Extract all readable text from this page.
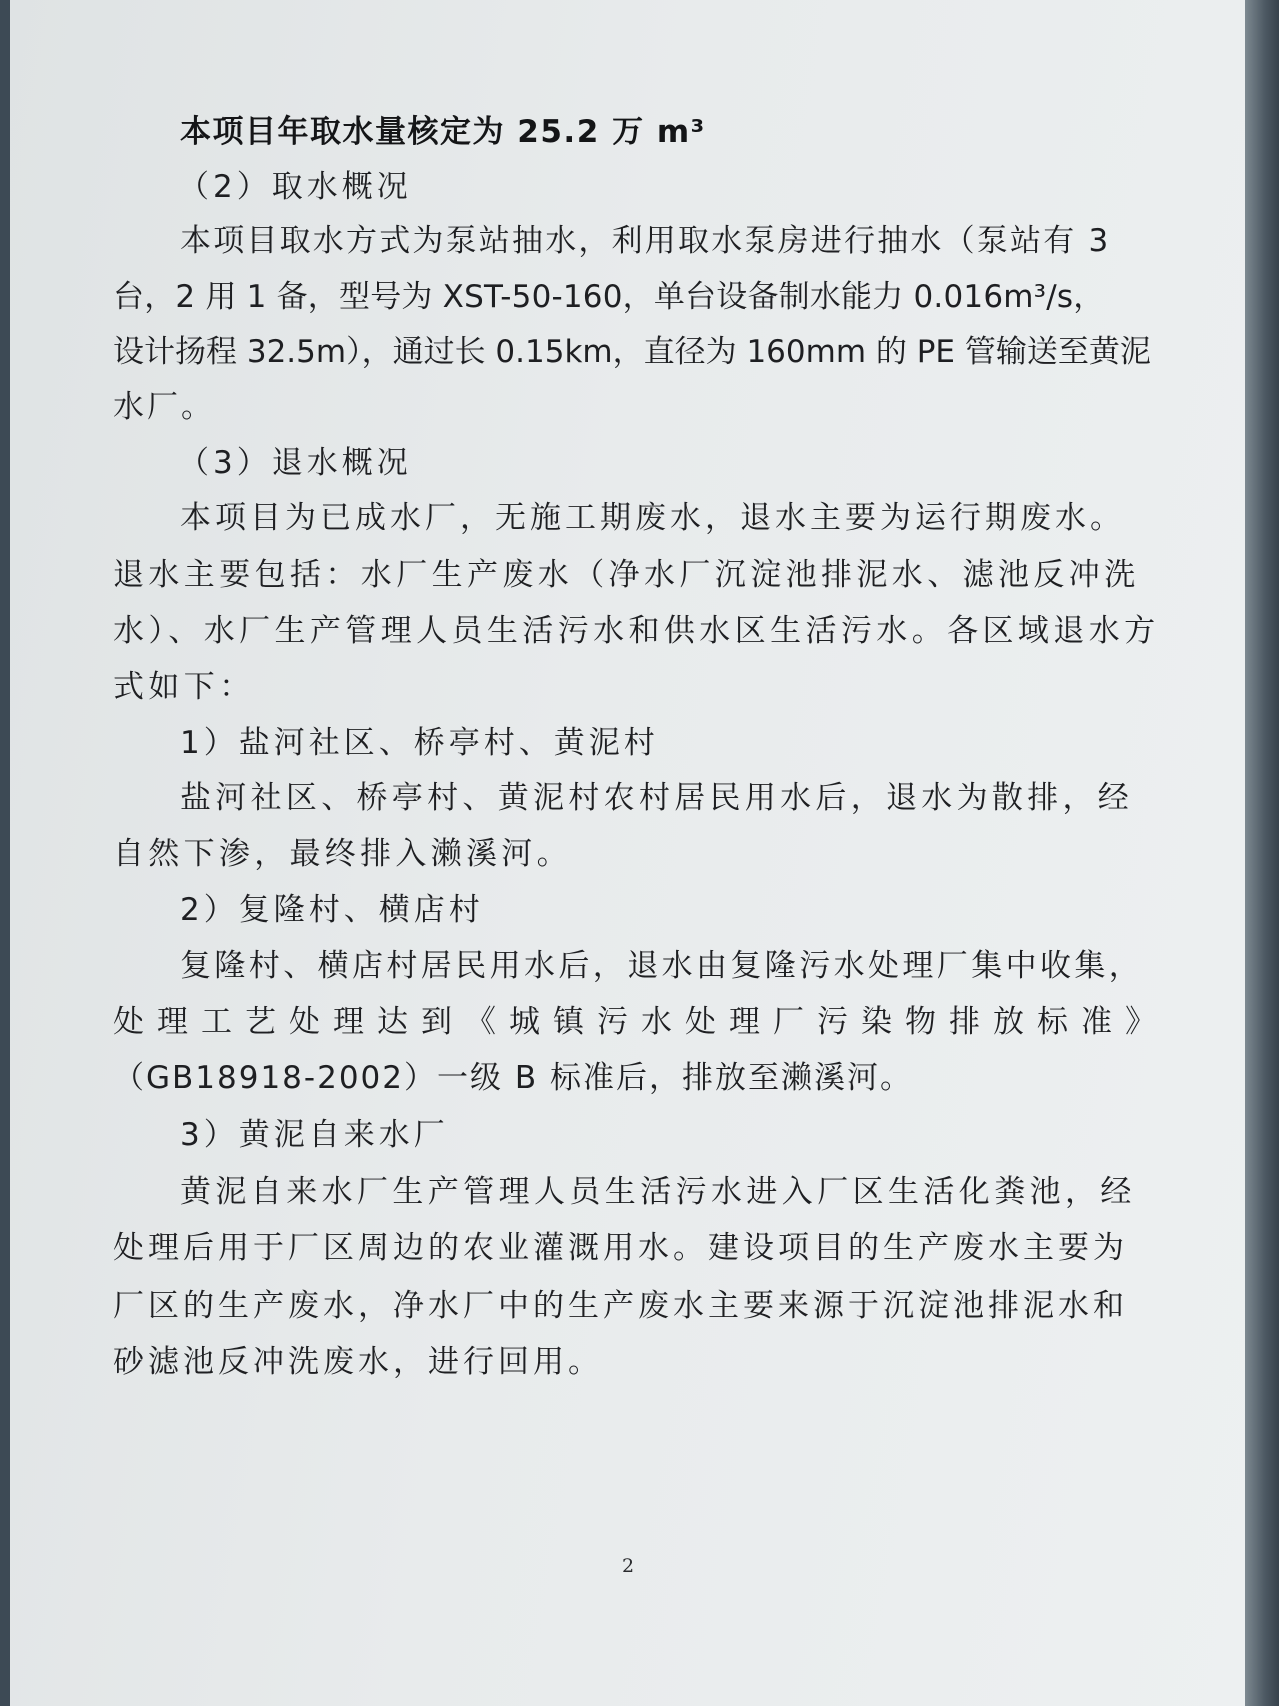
本项目年取水量核定为 25.2 万 m³

（2）取水概况

本项目取水方式为泵站抽水，利用取水泵房进行抽水（泵站有 3

台，2 用 1 备，型号为 XST-50-160，单台设备制水能力 0.016m³/s，

设计扬程 32.5m），通过长 0.15km，直径为 160mm 的 PE 管输送至黄泥

水厂。

（3）退水概况

本项目为已成水厂，无施工期废水，退水主要为运行期废水。

退水主要包括：水厂生产废水（净水厂沉淀池排泥水、滤池反冲洗

水）、水厂生产管理人员生活污水和供水区生活污水。各区域退水方

式如下：

1）盐河社区、桥亭村、黄泥村

盐河社区、桥亭村、黄泥村农村居民用水后，退水为散排，经

自然下渗，最终排入濑溪河。

2）复隆村、横店村

复隆村、横店村居民用水后，退水由复隆污水处理厂集中收集，

处理工艺处理达到《城镇污水处理厂污染物排放标准》

（GB18918-2002）一级 B 标准后，排放至濑溪河。

3）黄泥自来水厂

黄泥自来水厂生产管理人员生活污水进入厂区生活化粪池，经

处理后用于厂区周边的农业灌溉用水。建设项目的生产废水主要为

厂区的生产废水，净水厂中的生产废水主要来源于沉淀池排泥水和

砂滤池反冲洗废水，进行回用。

2
